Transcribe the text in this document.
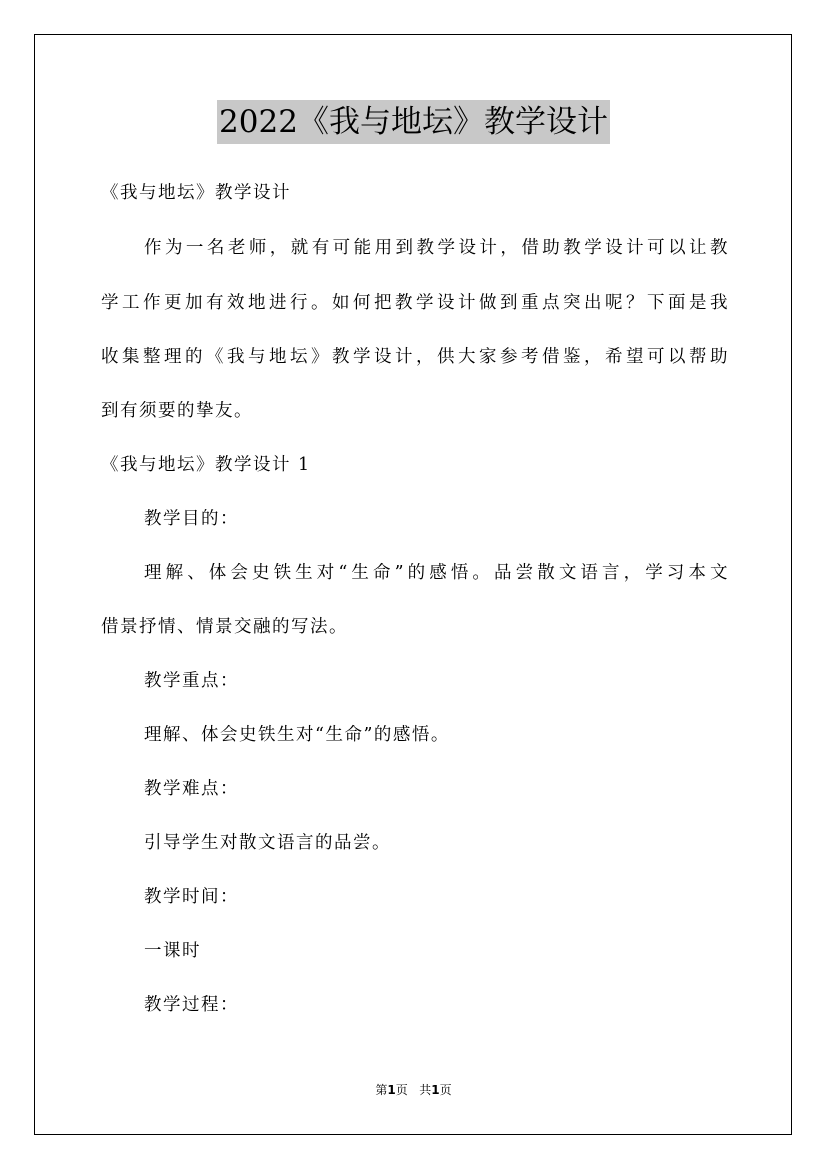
2022《我与地坛》教学设计
《我与地坛》教学设计
作为一名老师，就有可能用到教学设计，借助教学设计可以让教
学工作更加有效地进行。如何把教学设计做到重点突出呢？下面是我
收集整理的《我与地坛》教学设计，供大家参考借鉴，希望可以帮助
到有须要的挚友。
《我与地坛》教学设计 1
教学目的：
理解、体会史铁生对“生命”的感悟。品尝散文语言，学习本文
借景抒情、情景交融的写法。
教学重点：
理解、体会史铁生对“生命”的感悟。
教学难点：
引导学生对散文语言的品尝。
教学时间：
一课时
教学过程：
第1页 共1页
